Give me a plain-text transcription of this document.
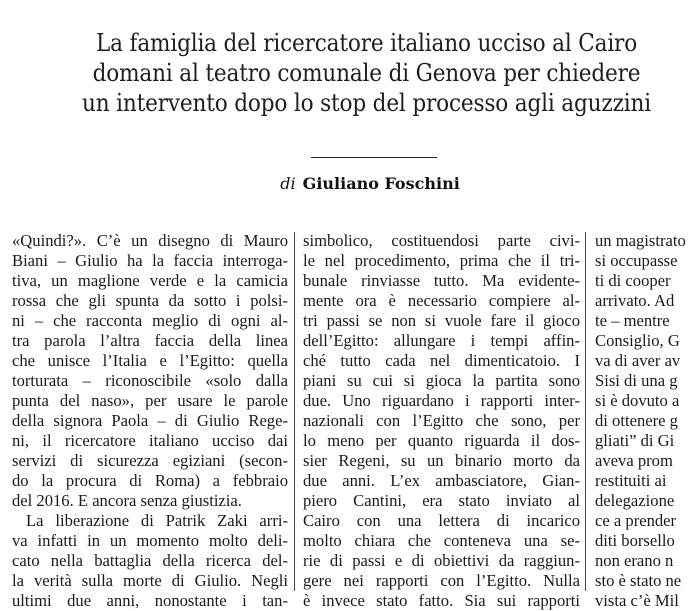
La famiglia del ricercatore italiano ucciso al Cairo
domani al teatro comunale di Genova per chiedere
un intervento dopo lo stop del processo agli aguzzini
di Giuliano Foschini
«Quindi?». C’è un disegno di Mauro
Biani – Giulio ha la faccia interroga-
tiva, un maglione verde e la camicia
rossa che gli spunta da sotto i polsi-
ni – che racconta meglio di ogni al-
tra parola l’altra faccia della linea
che unisce l’Italia e l’Egitto: quella
torturata – riconoscibile «solo dalla
punta del naso», per usare le parole
della signora Paola – di Giulio Rege-
ni, il ricercatore italiano ucciso dai
servizi di sicurezza egiziani (secon-
do la procura di Roma) a febbraio
del 2016. E ancora senza giustizia.
La liberazione di Patrik Zaki arri-
va infatti in un momento molto deli-
cato nella battaglia della ricerca del-
la verità sulla morte di Giulio. Negli
ultimi due anni, nonostante i tan-
simbolico, costituendosi parte civi-
le nel procedimento, prima che il tri-
bunale rinviasse tutto. Ma evidente-
mente ora è necessario compiere al-
tri passi se non si vuole fare il gioco
dell’Egitto: allungare i tempi affin-
ché tutto cada nel dimenticatoio. I
piani su cui si gioca la partita sono
due. Uno riguardano i rapporti inter-
nazionali con l’Egitto che sono, per
lo meno per quanto riguarda il dos-
sier Regeni, su un binario morto da
due anni. L’ex ambasciatore, Gian-
piero Cantini, era stato inviato al
Cairo con una lettera di incarico
molto chiara che conteneva una se-
rie di passi e di obiettivi da raggiun-
gere nei rapporti con l’Egitto. Nulla
è invece stato fatto. Sia sui rapporti
un magistrato
si occupasse
ti di cooper
arrivato. Ad
te – mentre
Consiglio, G
va di aver av
Sisi di una g
si è dovuto a
di ottenere g
gliati” di Gi
aveva prom
restituiti ai
delegazione
ce a prender
diti borsello
non erano n
sto è stato ne
vista c’è Mil
